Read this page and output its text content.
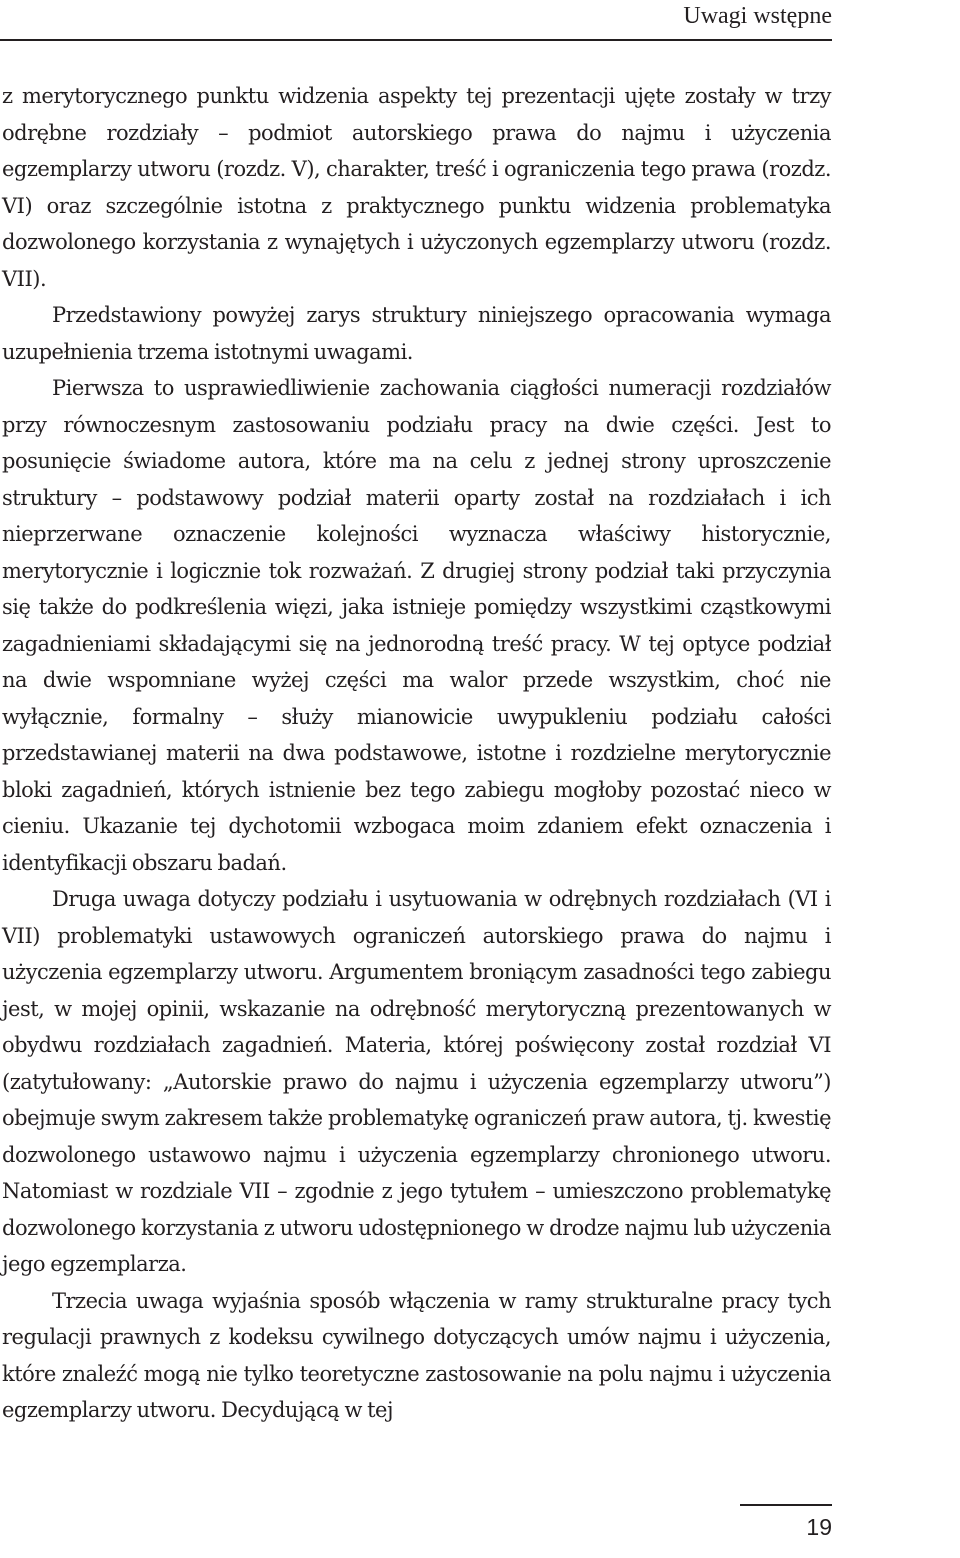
Uwagi wstępne

z merytorycznego punktu widzenia aspekty tej prezentacji ujęte zostały w trzy odrębne rozdziały – podmiot autorskiego prawa do najmu i użyczenia egzemplarzy utworu (rozdz. V), charakter, treść i ograniczenia tego prawa (rozdz. VI) oraz szczególnie istotna z praktycznego punktu widzenia problematyka dozwolonego korzystania z wynajętych i użyczonych egzemplarzy utworu (rozdz. VII).

Przedstawiony powyżej zarys struktury niniejszego opracowania wymaga uzupełnienia trzema istotnymi uwagami.

Pierwsza to usprawiedliwienie zachowania ciągłości numeracji rozdziałów przy równoczesnym zastosowaniu podziału pracy na dwie części. Jest to posunięcie świadome autora, które ma na celu z jednej strony uproszczenie struktury – podstawowy podział materii oparty został na rozdziałach i ich nieprzerwane oznaczenie kolejności wyznacza właściwy historycznie, merytorycznie i logicznie tok rozważań. Z drugiej strony podział taki przyczynia się także do podkreślenia więzi, jaka istnieje pomiędzy wszystkimi cząstkowymi zagadnieniami składającymi się na jednorodną treść pracy. W tej optyce podział na dwie wspomniane wyżej części ma walor przede wszystkim, choć nie wyłącznie, formalny – służy mianowicie uwypukleniu podziału całości przedstawianej materii na dwa podstawowe, istotne i rozdzielne merytorycznie bloki zagadnień, których istnienie bez tego zabiegu mogłoby pozostać nieco w cieniu. Ukazanie tej dychotomii wzbogaca moim zdaniem efekt oznaczenia i identyfikacji obszaru badań.

Druga uwaga dotyczy podziału i usytuowania w odrębnych rozdziałach (VI i VII) problematyki ustawowych ograniczeń autorskiego prawa do najmu i użyczenia egzemplarzy utworu. Argumentem broniącym zasadności tego zabiegu jest, w mojej opinii, wskazanie na odrębność merytoryczną prezentowanych w obydwu rozdziałach zagadnień. Materia, której poświęcony został rozdział VI (zatytułowany: „Autorskie prawo do najmu i użyczenia egzemplarzy utworu”) obejmuje swym zakresem także problematykę ograniczeń praw autora, tj. kwestię dozwolonego ustawowo najmu i użyczenia egzemplarzy chronionego utworu. Natomiast w rozdziale VII – zgodnie z jego tytułem – umieszczono problematykę dozwolonego korzystania z utworu udostępnionego w drodze najmu lub użyczenia jego egzemplarza.

Trzecia uwaga wyjaśnia sposób włączenia w ramy strukturalne pracy tych regulacji prawnych z kodeksu cywilnego dotyczących umów najmu i użyczenia, które znaleźć mogą nie tylko teoretyczne zastosowanie na polu najmu i użyczenia egzemplarzy utworu. Decydującą w tej

19
